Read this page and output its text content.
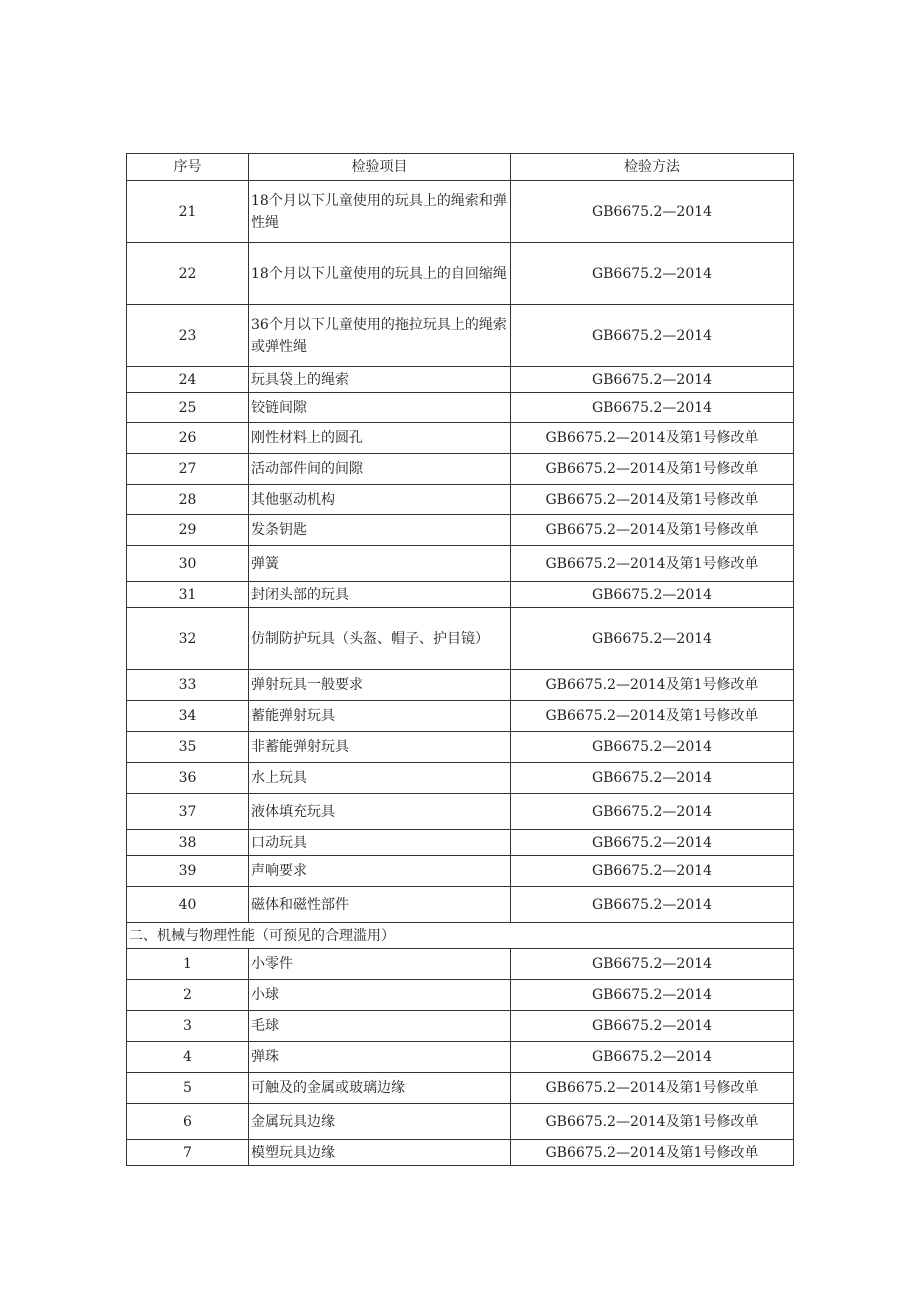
序号	检验项目	检验方法
21	18个月以下儿童使用的玩具上的绳索和弹性绳	GB6675.2—2014
22	18个月以下儿童使用的玩具上的自回缩绳	GB6675.2—2014
23	36个月以下儿童使用的拖拉玩具上的绳索或弹性绳	GB6675.2—2014
24	玩具袋上的绳索	GB6675.2—2014
25	铰链间隙	GB6675.2—2014
26	刚性材料上的圆孔	GB6675.2—2014及第1号修改单
27	活动部件间的间隙	GB6675.2—2014及第1号修改单
28	其他驱动机构	GB6675.2—2014及第1号修改单
29	发条钥匙	GB6675.2—2014及第1号修改单
30	弹簧	GB6675.2—2014及第1号修改单
31	封闭头部的玩具	GB6675.2—2014
32	仿制防护玩具（头盔、帽子、护目镜）	GB6675.2—2014
33	弹射玩具一般要求	GB6675.2—2014及第1号修改单
34	蓄能弹射玩具	GB6675.2—2014及第1号修改单
35	非蓄能弹射玩具	GB6675.2—2014
36	水上玩具	GB6675.2—2014
37	液体填充玩具	GB6675.2—2014
38	口动玩具	GB6675.2—2014
39	声响要求	GB6675.2—2014
40	磁体和磁性部件	GB6675.2—2014
二、机械与物理性能（可预见的合理滥用）		
1	小零件	GB6675.2—2014
2	小球	GB6675.2—2014
3	毛球	GB6675.2—2014
4	弹珠	GB6675.2—2014
5	可触及的金属或玻璃边缘	GB6675.2—2014及第1号修改单
6	金属玩具边缘	GB6675.2—2014及第1号修改单
7	模塑玩具边缘	GB6675.2—2014及第1号修改单
